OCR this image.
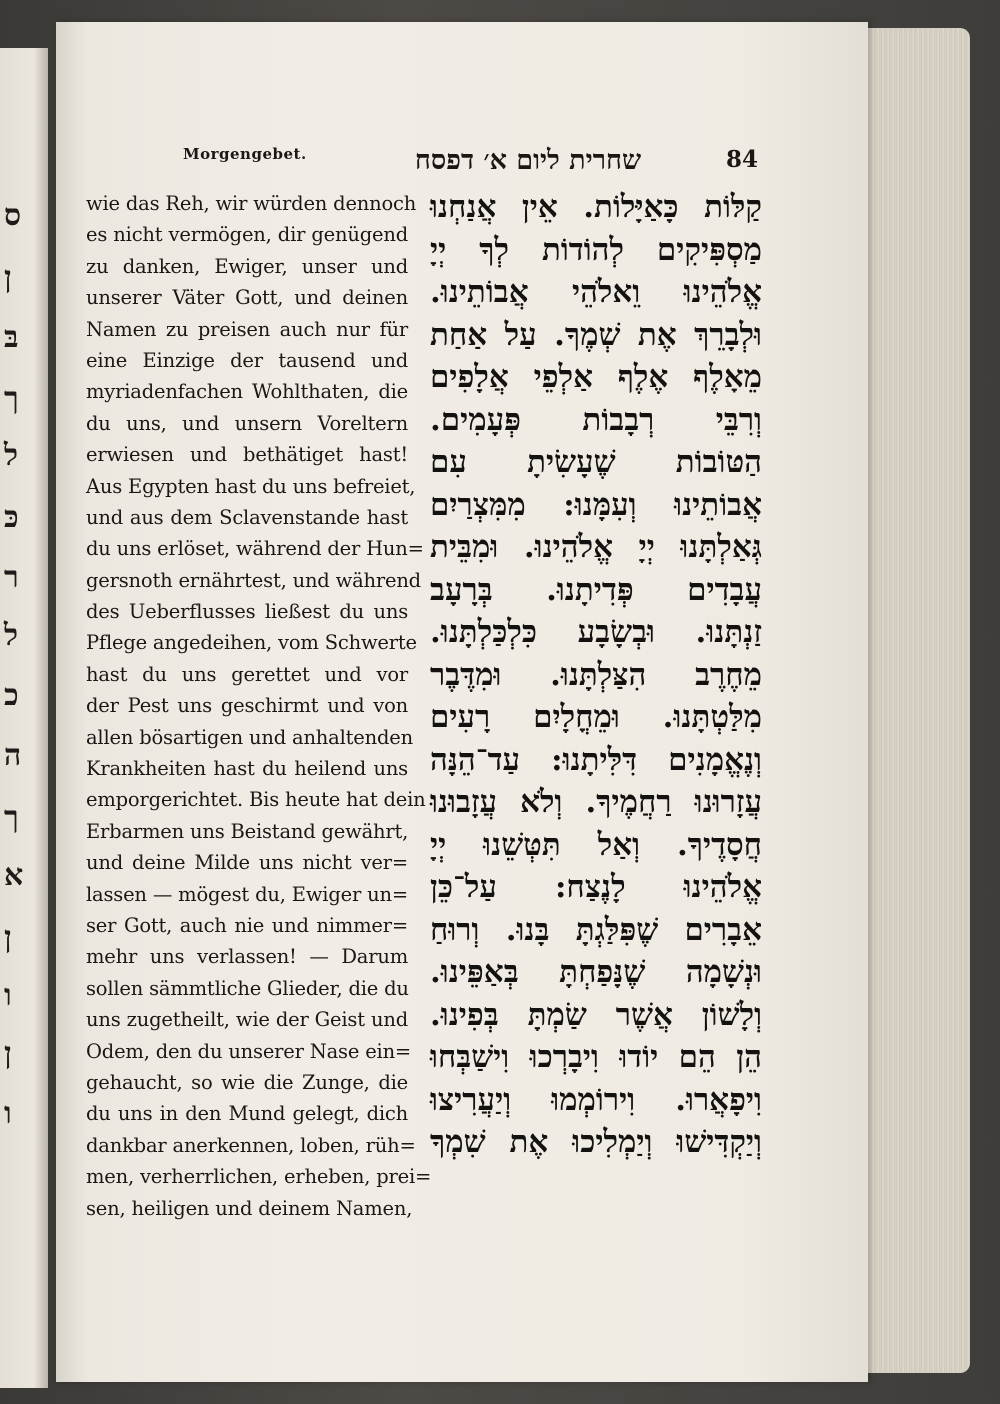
ס
ן
בּ
ך
ל
כּ
ר
ל
כ
ה
ך
א
ן
ו
ן
ו
Morgengebet.	שחרית ליום א׳ דפסח	84
wie das Reh, wir würden dennoch
es nicht vermögen, dir genügend
zu danken, Ewiger, unser und
unserer Väter Gott, und deinen
Namen zu preisen auch nur für
eine Einzige der tausend und
myriadenfachen Wohlthaten, die
du uns, und unsern Voreltern
erwiesen und bethätiget hast!
Aus Egypten hast du uns befreiet,
und aus dem Sclavenstande hast
du uns erlöset, während der Hun=
gersnoth ernährtest, und während
des Ueberflusses ließest du uns
Pflege angedeihen, vom Schwerte
hast du uns gerettet und vor
der Pest uns geschirmt und von
allen bösartigen und anhaltenden
Krankheiten hast du heilend uns
emporgerichtet. Bis heute hat dein
Erbarmen uns Beistand gewährt,
und deine Milde uns nicht ver=
lassen — mögest du, Ewiger un=
ser Gott, auch nie und nimmer=
mehr uns verlassen! — Darum
sollen sämmtliche Glieder, die du
uns zugetheilt, wie der Geist und
Odem, den du unserer Nase ein=
gehaucht, so wie die Zunge, die
du uns in den Mund gelegt, dich
dankbar anerkennen, loben, rüh=
men, verherrlichen, erheben, prei=
sen, heiligen und deinem Namen,
קַלּוֹת כָּאַיָּלוֹת. אֵין אֲנַחְנוּ
מַסְפִּיקִים לְהוֹדוֹת לְךָ יְיָ
אֱלֹהֵינוּ וֵאלֹהֵי אֲבוֹתֵינוּ.
וּלְבָרֵךְ אֶת שְׁמֶךָ. עַל אַחַת
מֵאָלֶף אֶלֶף אַלְפֵי אֲלָפִים
וְרִבֵּי רְבָבוֹת פְּעָמִים.
הַטּוֹבוֹת שֶׁעָשִׂיתָ עִם
אֲבוֹתֵינוּ וְעִמָּנוּ: מִמִּצְרַיִם
גְּאַלְתָּנוּ יְיָ אֱלֹהֵינוּ. וּמִבֵּית
עֲבָדִים פְּדִיתָנוּ. בְּרָעָב
זַנְתָּנוּ. וּבְשָׂבָע כִּלְכַּלְתָּנוּ.
מֵחֶרֶב הִצַּלְתָּנוּ. וּמִדֶּבֶר
מִלַּטְתָּנוּ. וּמֵחֳלָיִם רָעִים
וְנֶאֱמָנִים דִּלִּיתָנוּ: עַד־הֵנָּה
עֲזָרוּנוּ רַחֲמֶיךָ. וְלֹא עֲזָבוּנוּ
חֲסָדֶיךָ. וְאַל תִּטְּשֵׁנוּ יְיָ
אֱלֹהֵינוּ לָנֶצַח: עַל־כֵּן
אֵבָרִים שֶׁפִּלַּגְתָּ בָּנוּ. וְרוּחַ
וּנְשָׁמָה שֶׁנָּפַחְתָּ בְּאַפֵּינוּ.
וְלָשׁוֹן אֲשֶׁר שַׂמְתָּ בְּפִינוּ.
הֵן הֵם יוֹדוּ וִיבָרְכוּ וִישַׁבְּחוּ
וִיפָאֲרוּ. וִירוֹמְמוּ וְיַעֲרִיצוּ
וְיַקְדִּישׁוּ וְיַמְלִיכוּ אֶת שִׁמְךָ
